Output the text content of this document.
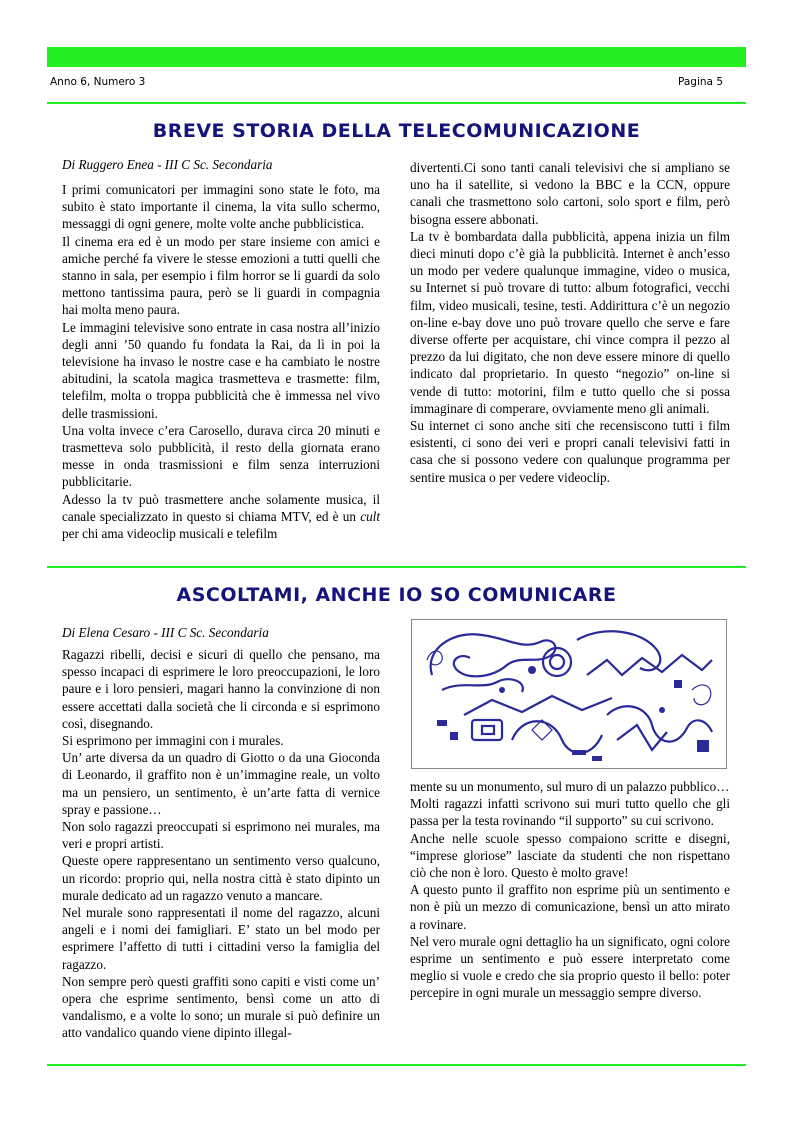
Anno 6, Numero 3	Pagina 5
BREVE STORIA DELLA TELECOMUNICAZIONE
Di Ruggero Enea - III C Sc. Secondaria

I primi comunicatori per immagini sono state le foto, ma subito è stato importante il cinema, la vita sullo schermo, messaggi di ogni genere, molte volte anche pubblicistica.

Il cinema era ed è un modo per stare insieme con amici e amiche perché fa vivere le stesse emozioni a tutti quelli che stanno in sala, per esempio i film horror se li guardi da solo mettono tantissima paura, però se li guardi in compagnia hai molta meno paura.

Le immagini televisive sono entrate in casa nostra all’inizio degli anni ’50 quando fu fondata la Rai, da lì in poi la televisione ha invaso le nostre case e ha cambiato le nostre abitudini, la scatola magica trasmetteva e trasmette: film, telefilm, molta o troppa pubblicità che è immessa nel vivo delle trasmissioni.

Una volta invece c’era Carosello, durava circa 20 minuti e trasmetteva solo pubblicità, il resto della giornata erano messe in onda trasmissioni e film senza interruzioni pubblicitarie.

Adesso la tv può trasmettere anche solamente musica, il canale specializzato in questo si chiama MTV, ed è un cult per chi ama videoclip musicali e telefilm

divertenti.Ci sono tanti canali televisivi che si ampliano se uno ha il satellite, si vedono la BBC e la CCN, oppure canali che trasmettono solo cartoni, solo sport e film, però bisogna essere abbonati.

La tv è bombardata dalla pubblicità, appena inizia un film dieci minuti dopo c’è già la pubblicità. Internet è anch’esso un modo per vedere qualunque immagine, video o musica, su Internet si può trovare di tutto: album fotografici, vecchi film, video musicali, tesine, testi. Addirittura c’è un negozio on-line e-bay dove uno può trovare quello che serve e fare diverse offerte per acquistare, chi vince compra il pezzo al prezzo da lui digitato, che non deve essere minore di quello indicato dal proprietario. In questo “negozio” on-line si vende di tutto: motorini, film e tutto quello che si possa immaginare di comperare, ovviamente meno gli animali.

Su internet ci sono anche siti che recensiscono tutti i film esistenti, ci sono dei veri e propri canali televisivi fatti in casa che si possono vedere con qualunque programma per sentire musica o per vedere videoclip.

ASCOLTAMI, ANCHE IO SO COMUNICARE
Di Elena Cesaro - III C Sc. Secondaria

Ragazzi ribelli, decisi e sicuri di quello che pensano, ma spesso incapaci di esprimere le loro preoccupazioni, le loro paure e i loro pensieri, magari hanno la convinzione di non essere accettati dalla società che li circonda e si esprimono così, disegnando.

Si esprimono per immagini con i murales.

Un’ arte diversa da un quadro di Giotto o da una Gioconda di Leonardo, il graffito non è un’immagine reale, un volto ma un pensiero, un sentimento, è un’arte fatta di vernice spray e passione…

Non solo ragazzi preoccupati si esprimono nei murales, ma veri e propri artisti.

Queste opere rappresentano un sentimento verso qualcuno, un ricordo: proprio qui, nella nostra città è stato dipinto un murale dedicato ad un ragazzo venuto a mancare.

Nel murale sono rappresentati il nome del ragazzo, alcuni angeli e i nomi dei famigliari. E’ stato un bel modo per esprimere l’affetto di tutti i cittadini verso la famiglia del ragazzo.

Non sempre però questi graffiti sono capiti e visti come un’ opera che esprime sentimento, bensì come un atto di vandalismo, e a volte lo sono; un murale si può definire un atto vandalico quando viene dipinto illegal-

mente su un monumento, sul muro di un palazzo pubblico…

Molti ragazzi infatti scrivono sui muri tutto quello che gli passa per la testa rovinando “il supporto” su cui scrivono.

Anche nelle scuole spesso compaiono scritte e disegni, “imprese gloriose” lasciate da studenti che non rispettano ciò che non è loro. Questo è molto grave!

A questo punto il graffito non esprime più un sentimento e non è più un mezzo di comunicazione, bensì un atto mirato a rovinare.

Nel vero murale ogni dettaglio ha un significato, ogni colore esprime un sentimento e può essere interpretato come meglio si vuole e credo che sia proprio questo il bello: poter percepire in ogni murale un messaggio sempre diverso.
